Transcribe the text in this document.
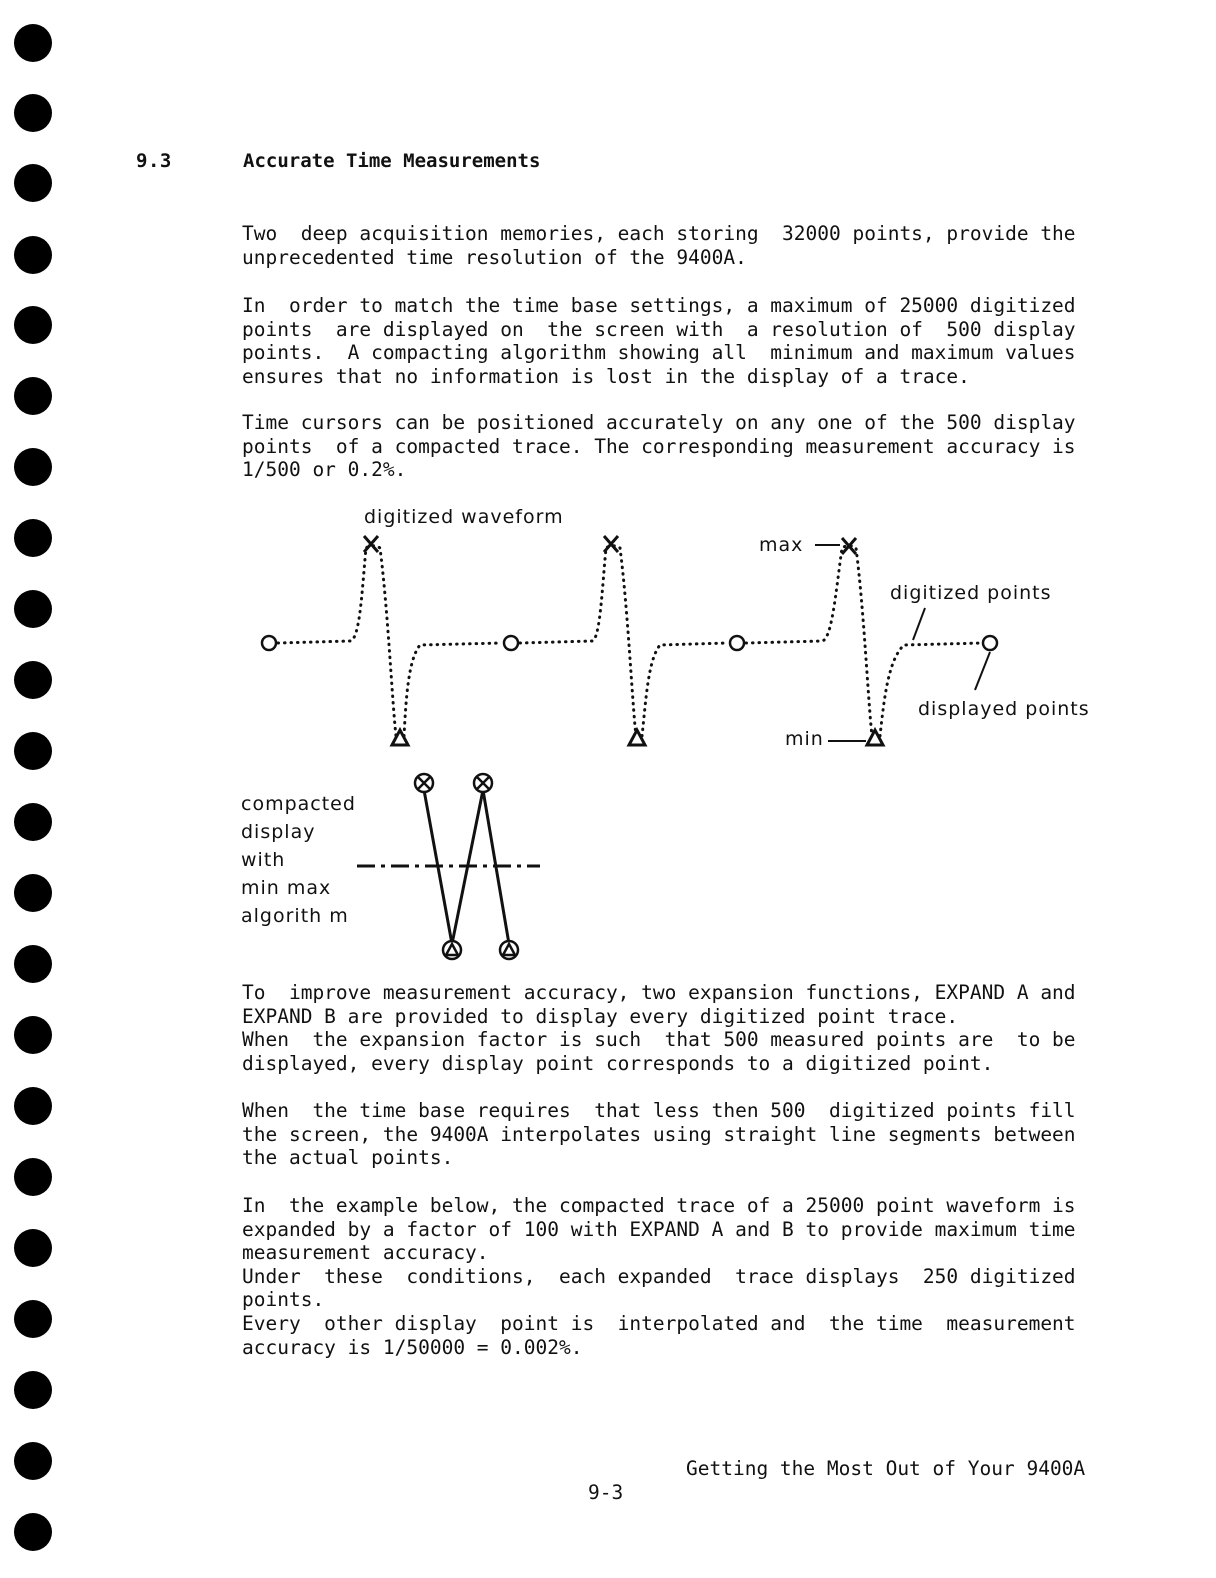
9.3	Accurate Time Measurements
Two  deep acquisition memories, each storing  32000 points, provide the
unprecedented time resolution of the 9400A.
In  order to match the time base settings, a maximum of 25000 digitized
points  are displayed on  the screen with  a resolution of  500 display
points.  A compacting algorithm showing all  minimum and maximum values
ensures that no information is lost in the display of a trace.
Time cursors can be positioned accurately on any one of the 500 display
points  of a compacted trace. The corresponding measurement accuracy is
1/500 or 0.2%.
To  improve measurement accuracy, two expansion functions, EXPAND A and
EXPAND B are provided to display every digitized point trace.
When  the expansion factor is such  that 500 measured points are  to be
displayed, every display point corresponds to a digitized point.
When  the time base requires  that less then 500  digitized points fill
the screen, the 9400A interpolates using straight line segments between
the actual points.
In  the example below, the compacted trace of a 25000 point waveform is
expanded by a factor of 100 with EXPAND A and B to provide maximum time
measurement accuracy.
Under  these  conditions,  each expanded  trace displays  250 digitized
points.
Every  other display  point is  interpolated and  the time  measurement
accuracy is 1/50000 = 0.002%.
digitized waveform
max
min
digitized points
displayed points
compacted
display
with
min max
algorith m
Getting the Most Out of Your 9400A
9-3
